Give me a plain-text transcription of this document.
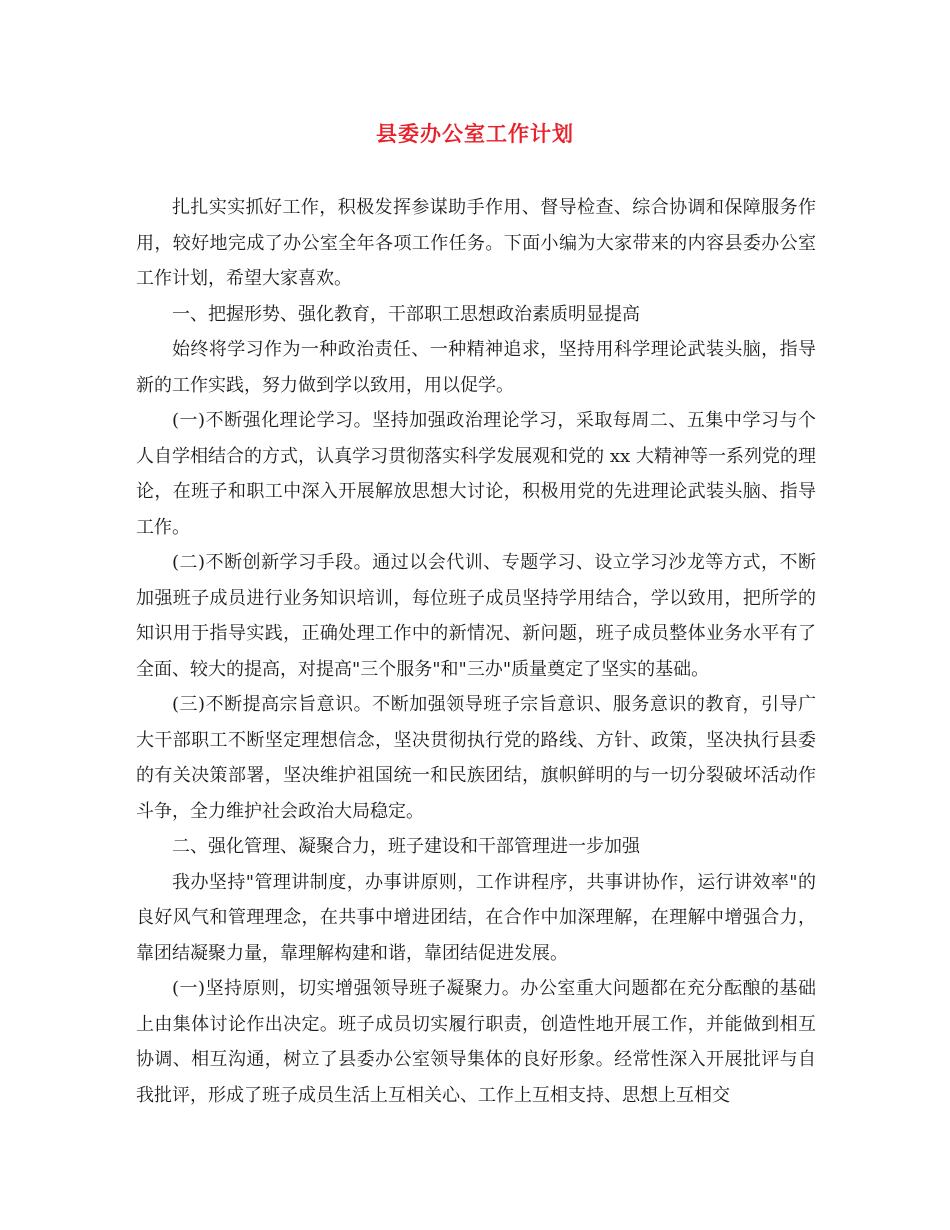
县委办公室工作计划

扎扎实实抓好工作，积极发挥参谋助手作用、督导检查、综合协调和保障服务作用，较好地完成了办公室全年各项工作任务。下面小编为大家带来的内容县委办公室工作计划，希望大家喜欢。

一、把握形势、强化教育，干部职工思想政治素质明显提高

始终将学习作为一种政治责任、一种精神追求，坚持用科学理论武装头脑，指导新的工作实践，努力做到学以致用，用以促学。

(一)不断强化理论学习。坚持加强政治理论学习，采取每周二、五集中学习与个人自学相结合的方式，认真学习贯彻落实科学发展观和党的 xx 大精神等一系列党的理论，在班子和职工中深入开展解放思想大讨论，积极用党的先进理论武装头脑、指导工作。

(二)不断创新学习手段。通过以会代训、专题学习、设立学习沙龙等方式，不断加强班子成员进行业务知识培训，每位班子成员坚持学用结合，学以致用，把所学的知识用于指导实践，正确处理工作中的新情况、新问题，班子成员整体业务水平有了全面、较大的提高，对提高"三个服务"和"三办"质量奠定了坚实的基础。

(三)不断提高宗旨意识。不断加强领导班子宗旨意识、服务意识的教育，引导广大干部职工不断坚定理想信念，坚决贯彻执行党的路线、方针、政策，坚决执行县委的有关决策部署，坚决维护祖国统一和民族团结，旗帜鲜明的与一切分裂破坏活动作斗争，全力维护社会政治大局稳定。

二、强化管理、凝聚合力，班子建设和干部管理进一步加强

我办坚持"管理讲制度，办事讲原则，工作讲程序，共事讲协作，运行讲效率"的良好风气和管理理念，在共事中增进团结，在合作中加深理解，在理解中增强合力，靠团结凝聚力量，靠理解构建和谐，靠团结促进发展。

(一)坚持原则，切实增强领导班子凝聚力。办公室重大问题都在充分酝酿的基础上由集体讨论作出决定。班子成员切实履行职责，创造性地开展工作，并能做到相互协调、相互沟通，树立了县委办公室领导集体的良好形象。经常性深入开展批评与自我批评，形成了班子成员生活上互相关心、工作上互相支持、思想上互相交
